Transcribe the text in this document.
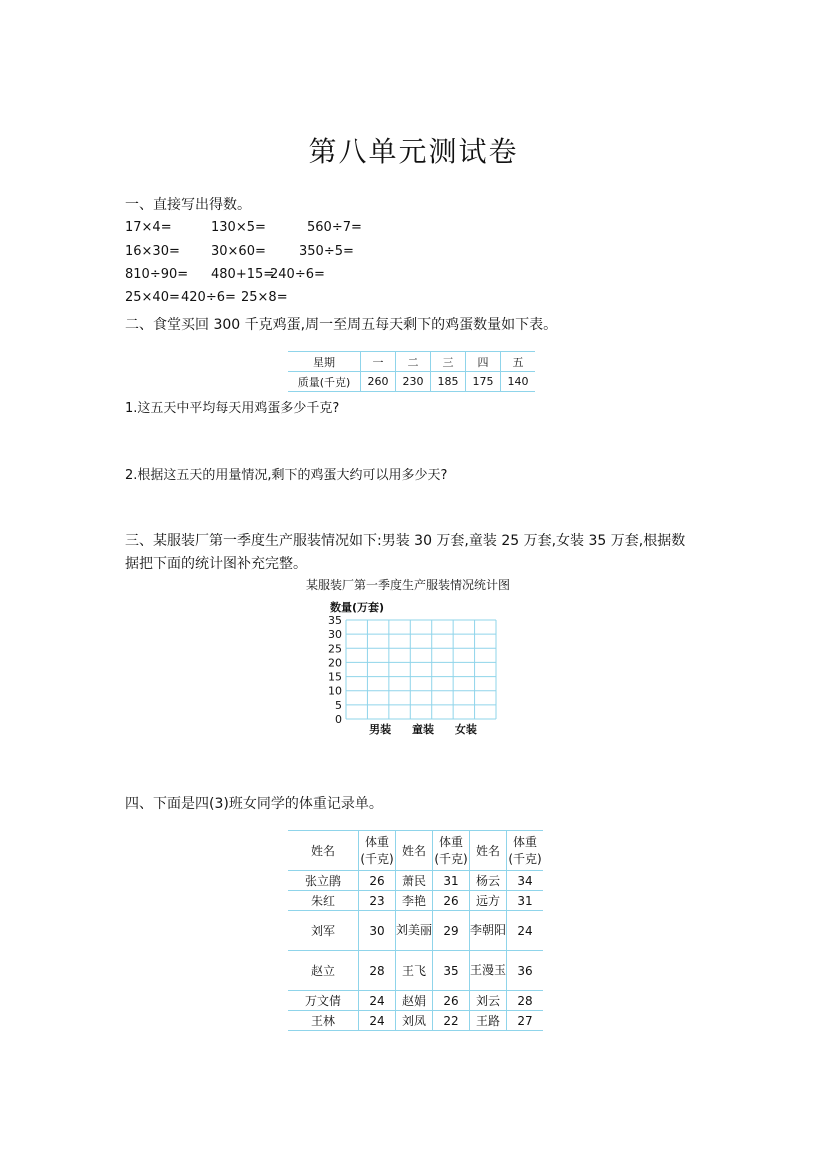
第八单元测试卷
一、直接写出得数。
17×4=	130×5=	560÷7=
16×30= 30×60=	350÷5=
810÷90= 480+15=
240÷6=
25×40= 420÷6= 25×8=
二、食堂买回 300 千克鸡蛋,周一至周五每天剩下的鸡蛋数量如下表。
星期	一	二	三	四	五
质量(千克)	260	230	185	175	140
1.这五天中平均每天用鸡蛋多少千克?
2.根据这五天的用量情况,剩下的鸡蛋大约可以用多少天?
三、某服装厂第一季度生产服装情况如下:男装 30 万套,童装 25 万套,女装 35 万套,根据数
据把下面的统计图补充完整。
某服装厂第一季度生产服装情况统计图
数量(万套)
0
5
10
15
20
25
30
35
男装 童装 女装
四、下面是四(3)班女同学的体重记录单。
姓名	体重(千克)	姓名	体重(千克)	姓名	体重(千克)
张立鹃	26	萧民	31	杨云	34
朱红	23	李艳	26	远方	31
刘军	30	刘美丽	29	李朝阳	24
赵立	28	王飞	35	王漫玉	36
万文倩	24	赵娟	26	刘云	28
王林	24	刘凤	22	王路	27
